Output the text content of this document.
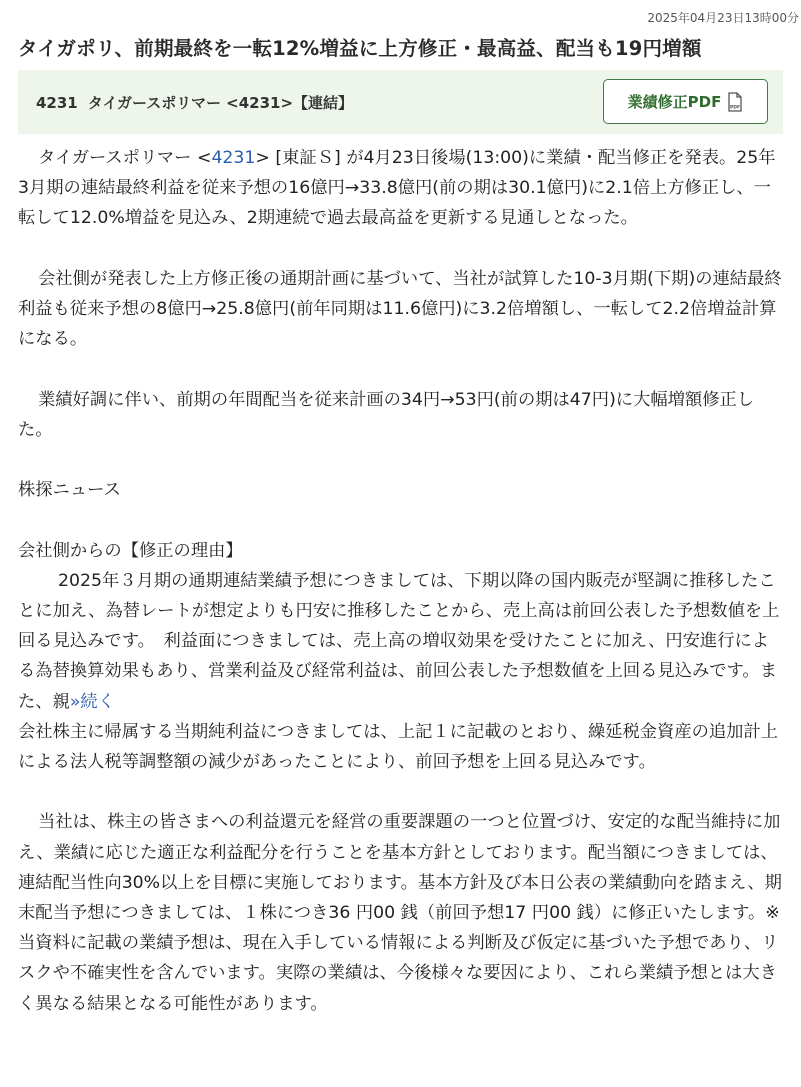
2025年04月23日13時00分
タイガポリ、前期最終を一転12%増益に上方修正・最高益、配当も19円増額
4231 タイガースポリマー <4231>【連結】	業績修正PDF PDF

タイガースポリマー <4231> [東証Ｓ] が4月23日後場(13:00)に業績・配当修正を発表。25年3月期の連結最終利益を従来予想の16億円→33.8億円(前の期は30.1億円)に2.1倍上方修正し、一転して12.0%増益を見込み、2期連続で過去最高益を更新する見通しとなった。

会社側が発表した上方修正後の通期計画に基づいて、当社が試算した10-3月期(下期)の連結最終利益も従来予想の8億円→25.8億円(前年同期は11.6億円)に3.2倍増額し、一転して2.2倍増益計算になる。

業績好調に伴い、前期の年間配当を従来計画の34円→53円(前の期は47円)に大幅増額修正した。

株探ニュース

会社側からの【修正の理由】

2025年３月期の通期連結業績予想につきましては、下期以降の国内販売が堅調に推移したことに加え、為替レートが想定よりも円安に推移したことから、売上高は前回公表した予想数値を上回る見込みです。　利益面につきましては、売上高の増収効果を受けたことに加え、円安進行による為替換算効果もあり、営業利益及び経常利益は、前回公表した予想数値を上回る見込みです。また、親»続く

会社株主に帰属する当期純利益につきましては、上記１に記載のとおり、繰延税金資産の追加計上による法人税等調整額の減少があったことにより、前回予想を上回る見込みです。

当社は、株主の皆さまへの利益還元を経営の重要課題の一つと位置づけ、安定的な配当維持に加え、業績に応じた適正な利益配分を行うことを基本方針としております。配当額につきましては、連結配当性向30%以上を目標に実施しております。基本方針及び本日公表の業績動向を踏まえ、期末配当予想につきましては、１株につき36 円00 銭（前回予想17 円00 銭）に修正いたします。※当資料に記載の業績予想は、現在入手している情報による判断及び仮定に基づいた予想であり、リスクや不確実性を含んでいます。実際の業績は、今後様々な要因により、これら業績予想とは大きく異なる結果となる可能性があります。
